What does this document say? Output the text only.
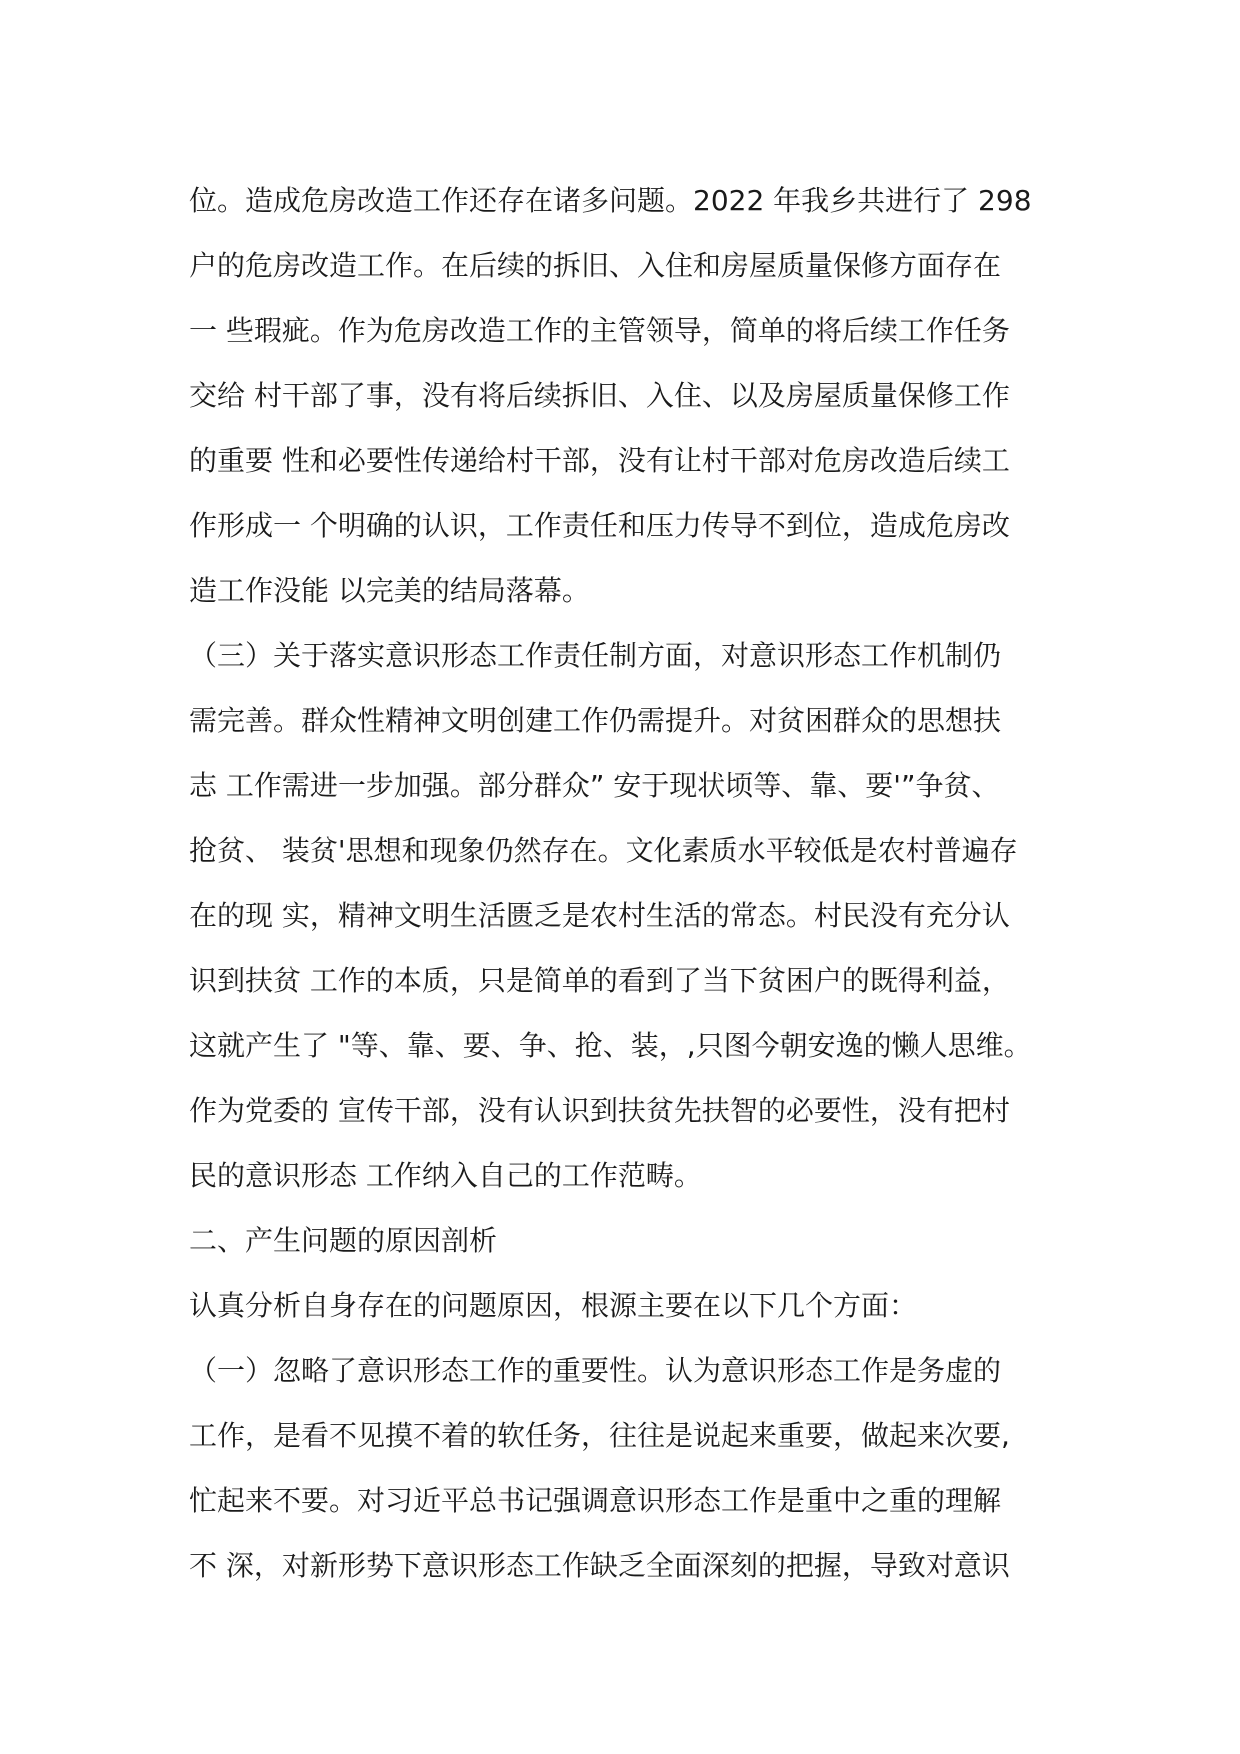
位。造成危房改造工作还存在诸多问题。2022 年我乡共进行了 298
户的危房改造工作。在后续的拆旧、入住和房屋质量保修方面存在
一 些瑕疵。作为危房改造工作的主管领导，简单的将后续工作任务
交给 村干部了事，没有将后续拆旧、入住、以及房屋质量保修工作
的重要 性和必要性传递给村干部，没有让村干部对危房改造后续工
作形成一 个明确的认识，工作责任和压力传导不到位，造成危房改
造工作没能 以完美的结局落幕。
（三）关于落实意识形态工作责任制方面，对意识形态工作机制仍
需完善。群众性精神文明创建工作仍需提升。对贫困群众的思想扶
志 工作需进一步加强。部分群众” 安于现状顷等、靠、要'”争贫、
抢贫、 装贫'思想和现象仍然存在。文化素质水平较低是农村普遍存
在的现 实，精神文明生活匮乏是农村生活的常态。村民没有充分认
识到扶贫 工作的本质，只是简单的看到了当下贫困户的既得利益，
这就产生了 "等、靠、要、争、抢、装，,只图今朝安逸的懒人思维。
作为党委的 宣传干部，没有认识到扶贫先扶智的必要性，没有把村
民的意识形态 工作纳入自己的工作范畴。
二、产生问题的原因剖析
认真分析自身存在的问题原因，根源主要在以下几个方面：
（一）忽略了意识形态工作的重要性。认为意识形态工作是务虚的
工作，是看不见摸不着的软任务，往往是说起来重要，做起来次要,
忙起来不要。对习近平总书记强调意识形态工作是重中之重的理解
不 深，对新形势下意识形态工作缺乏全面深刻的把握，导致对意识
